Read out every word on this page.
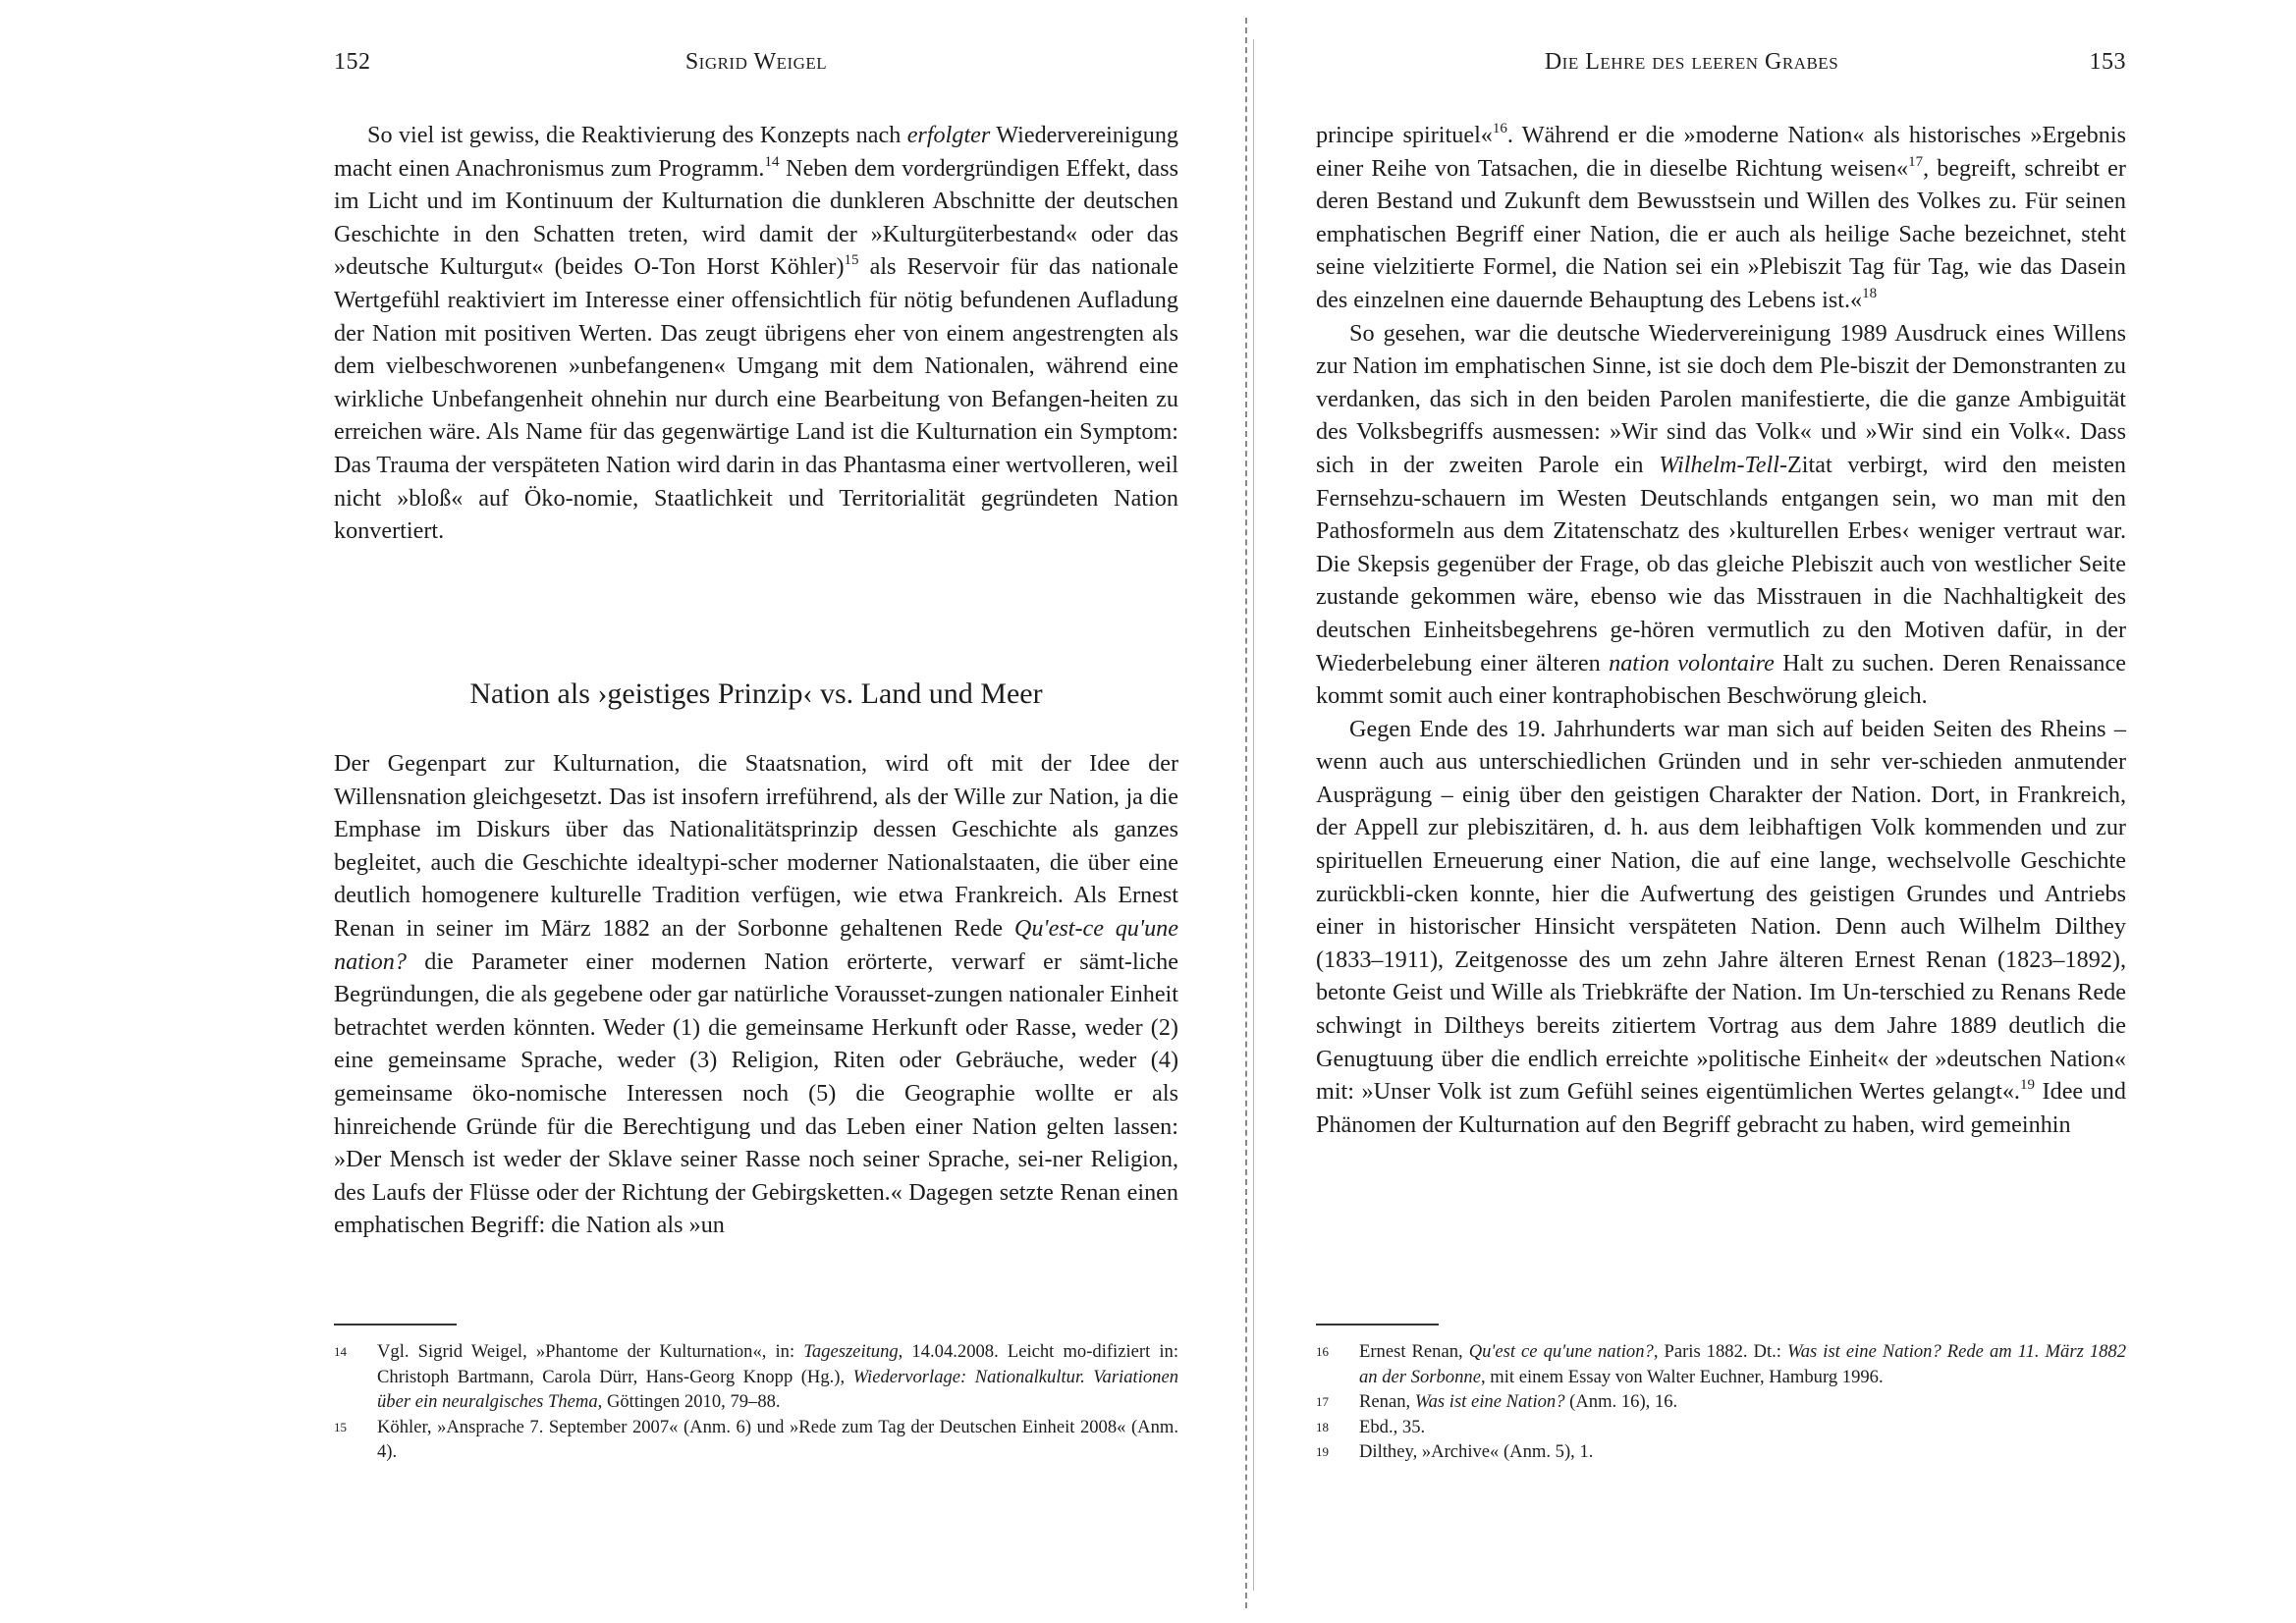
152	Sigrid Weigel

So viel ist gewiss, die Reaktivierung des Konzepts nach erfolgter Wiedervereinigung macht einen Anachronismus zum Programm.$^{14}$ Neben dem vordergründigen Effekt, dass im Licht und im Kontinuum der Kulturnation die dunkleren Abschnitte der deutschen Geschichte in den Schatten treten, wird damit der »Kulturgüterbestand« oder das »deutsche Kulturgut« (beides O-Ton Horst Köhler)$^{15}$ als Reservoir für das nationale Wertgefühl reaktiviert im Interesse einer offensichtlich für nötig befundenen Aufladung der Nation mit positiven Werten. Das zeugt übrigens eher von einem angestrengten als dem vielbeschworenen »unbefangenen« Umgang mit dem Nationalen, während eine wirkliche Unbefangenheit ohnehin nur durch eine Bearbeitung von Befangen-heiten zu erreichen wäre. Als Name für das gegenwärtige Land ist die Kulturnation ein Symptom: Das Trauma der verspäteten Nation wird darin in das Phantasma einer wertvolleren, weil nicht »bloß« auf Öko-nomie, Staatlichkeit und Territorialität gegründeten Nation konvertiert.

Nation als ›geistiges Prinzip‹ vs. Land und Meer

Der Gegenpart zur Kulturnation, die Staatsnation, wird oft mit der Idee der Willensnation gleichgesetzt. Das ist insofern irreführend, als der Wille zur Nation, ja die Emphase im Diskurs über das Nationalitätsprinzip dessen Geschichte als ganzes begleitet, auch die Geschichte idealtypi-scher moderner Nationalstaaten, die über eine deutlich homogenere kulturelle Tradition verfügen, wie etwa Frankreich. Als Ernest Renan in seiner im März 1882 an der Sorbonne gehaltenen Rede Qu'est-ce qu'une nation? die Parameter einer modernen Nation erörterte, verwarf er sämt-liche Begründungen, die als gegebene oder gar natürliche Vorausset-zungen nationaler Einheit betrachtet werden könnten. Weder (1) die gemeinsame Herkunft oder Rasse, weder (2) eine gemeinsame Sprache, weder (3) Religion, Riten oder Gebräuche, weder (4) gemeinsame öko-nomische Interessen noch (5) die Geographie wollte er als hinreichende Gründe für die Berechtigung und das Leben einer Nation gelten lassen: »Der Mensch ist weder der Sklave seiner Rasse noch seiner Sprache, sei-ner Religion, des Laufs der Flüsse oder der Richtung der Gebirgsketten.« Dagegen setzte Renan einen emphatischen Begriff: die Nation als »un

14 Vgl. Sigrid Weigel, »Phantome der Kulturnation«, in: Tageszeitung, 14.04.2008. Leicht mo-difiziert in: Christoph Bartmann, Carola Dürr, Hans-Georg Knopp (Hg.), Wiedervorlage: Nationalkultur. Variationen über ein neuralgisches Thema, Göttingen 2010, 79–88.
15 Köhler, »Ansprache 7. September 2007« (Anm. 6) und »Rede zum Tag der Deutschen Einheit 2008« (Anm. 4).
Die Lehre des leeren Grabes	153

principe spirituel«$^{16}$. Während er die »moderne Nation« als historisches »Ergebnis einer Reihe von Tatsachen, die in dieselbe Richtung weisen«$^{17}$, begreift, schreibt er deren Bestand und Zukunft dem Bewusstsein und Willen des Volkes zu. Für seinen emphatischen Begriff einer Nation, die er auch als heilige Sache bezeichnet, steht seine vielzitierte Formel, die Nation sei ein »Plebiszit Tag für Tag, wie das Dasein des einzelnen eine dauernde Behauptung des Lebens ist.«$^{18}$

So gesehen, war die deutsche Wiedervereinigung 1989 Ausdruck eines Willens zur Nation im emphatischen Sinne, ist sie doch dem Ple-biszit der Demonstranten zu verdanken, das sich in den beiden Parolen manifestierte, die die ganze Ambiguität des Volksbegriffs ausmessen: »Wir sind das Volk« und »Wir sind ein Volk«. Dass sich in der zweiten Parole ein Wilhelm-Tell-Zitat verbirgt, wird den meisten Fernsehzu-schauern im Westen Deutschlands entgangen sein, wo man mit den Pathosformeln aus dem Zitatenschatz des ›kulturellen Erbes‹ weniger vertraut war. Die Skepsis gegenüber der Frage, ob das gleiche Plebiszit auch von westlicher Seite zustande gekommen wäre, ebenso wie das Misstrauen in die Nachhaltigkeit des deutschen Einheitsbegehrens ge-hören vermutlich zu den Motiven dafür, in der Wiederbelebung einer älteren nation volontaire Halt zu suchen. Deren Renaissance kommt somit auch einer kontraphobischen Beschwörung gleich.

Gegen Ende des 19. Jahrhunderts war man sich auf beiden Seiten des Rheins – wenn auch aus unterschiedlichen Gründen und in sehr ver-schieden anmutender Ausprägung – einig über den geistigen Charakter der Nation. Dort, in Frankreich, der Appell zur plebiszitären, d. h. aus dem leibhaftigen Volk kommenden und zur spirituellen Erneuerung einer Nation, die auf eine lange, wechselvolle Geschichte zurückbli-cken konnte, hier die Aufwertung des geistigen Grundes und Antriebs einer in historischer Hinsicht verspäteten Nation. Denn auch Wilhelm Dilthey (1833–1911), Zeitgenosse des um zehn Jahre älteren Ernest Renan (1823–1892), betonte Geist und Wille als Triebkräfte der Nation. Im Un-terschied zu Renans Rede schwingt in Diltheys bereits zitiertem Vortrag aus dem Jahre 1889 deutlich die Genugtuung über die endlich erreichte »politische Einheit« der »deutschen Nation« mit: »Unser Volk ist zum Gefühl seines eigentümlichen Wertes gelangt«.$^{19}$ Idee und Phänomen der Kulturnation auf den Begriff gebracht zu haben, wird gemeinhin

16 Ernest Renan, Qu'est ce qu'une nation?, Paris 1882. Dt.: Was ist eine Nation? Rede am 11. März 1882 an der Sorbonne, mit einem Essay von Walter Euchner, Hamburg 1996.
17 Renan, Was ist eine Nation? (Anm. 16), 16.
18 Ebd., 35.
19 Dilthey, »Archive« (Anm. 5), 1.
